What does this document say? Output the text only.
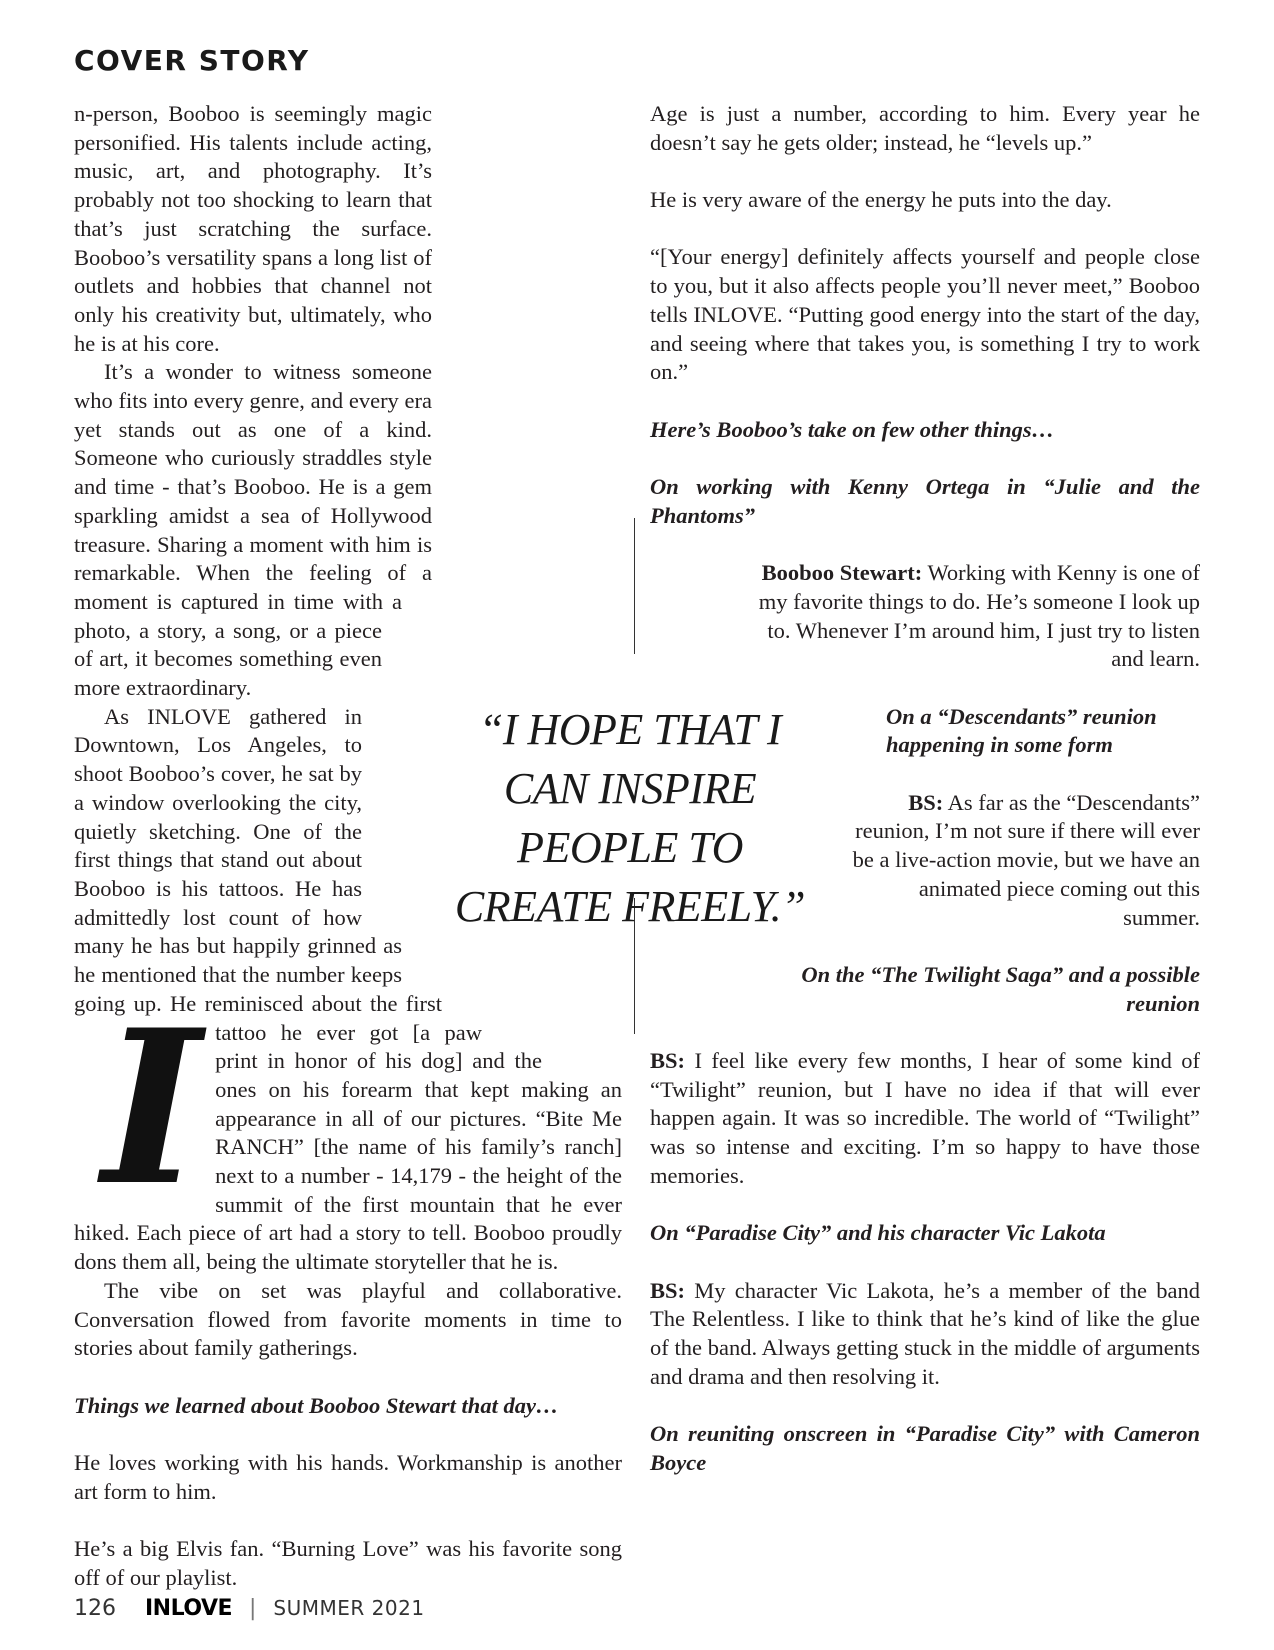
COVER STORY
“I HOPE THAT I CAN INSPIRE PEOPLE TO CREATE FREELY.”

I
n-person, Booboo is seemingly magic personified. His talents include acting, music, art, and photography. It’s probably not too shocking to learn that that’s just scratching the surface. Booboo’s versatility spans a long list of outlets and hobbies that channel not only his creativity but, ultimately, who he is at his core.

It’s a wonder to witness someone who fits into every genre, and every era yet stands out as one of a kind. Someone who curiously straddles style and time - that’s Booboo. He is a gem sparkling amidst a sea of Hollywood treasure. Sharing a moment with him is remarkable. When the feeling of a moment is captured in time with a photo, a story, a song, or a piece of art, it becomes something even more extraordinary.

As INLOVE gathered in Downtown, Los Angeles, to shoot Booboo’s cover, he sat by a window overlooking the city, quietly sketching. One of the first things that stand out about Booboo is his tattoos. He has admittedly lost count of how many he has but happily grinned as he mentioned that the number keeps going up. He reminisced about the first tattoo he ever got [a paw print in honor of his dog] and the ones on his forearm that kept making an appearance in all of our pictures. “Bite Me RANCH” [the name of his family’s ranch] next to a number - 14,179 - the height of the summit of the first mountain that he ever hiked. Each piece of art had a story to tell. Booboo proudly dons them all, being the ultimate storyteller that he is.

The vibe on set was playful and collaborative. Conversation flowed from favorite moments in time to stories about family gatherings.

Things we learned about Booboo Stewart that day…

He loves working with his hands. Workmanship is another art form to him.

He’s a big Elvis fan. “Burning Love” was his favorite song off of our playlist.

Age is just a number, according to him. Every year he doesn’t say he gets older; instead, he “levels up.”

He is very aware of the energy he puts into the day.

“[Your energy] definitely affects yourself and people close to you, but it also affects people you’ll never meet,” Booboo tells INLOVE. “Putting good energy into the start of the day, and seeing where that takes you, is something I try to work on.”

Here’s Booboo’s take on few other things…

On working with Kenny Ortega in “Julie and the Phantoms”

Booboo Stewart: Working with Kenny is one of my favorite things to do. He’s someone I look up to. Whenever I’m around him, I just try to listen and learn.

On a “Descendants” reunion happening in some form

BS: As far as the “Descendants” reunion, I’m not sure if there will ever be a live-action movie, but we have an animated piece coming out this summer.

On the “The Twilight Saga” and a possible reunion

BS: I feel like every few months, I hear of some kind of “Twilight” reunion, but I have no idea if that will ever happen again. It was so incredible. The world of “Twilight” was so intense and exciting. I’m so happy to have those memories.

On “Paradise City” and his character Vic Lakota

BS: My character Vic Lakota, he’s a member of the band The Relentless. I like to think that he’s kind of like the glue of the band. Always getting stuck in the middle of arguments and drama and then resolving it.

On reuniting onscreen in “Paradise City” with Cameron Boyce

126 INLOVE | SUMMER 2021
